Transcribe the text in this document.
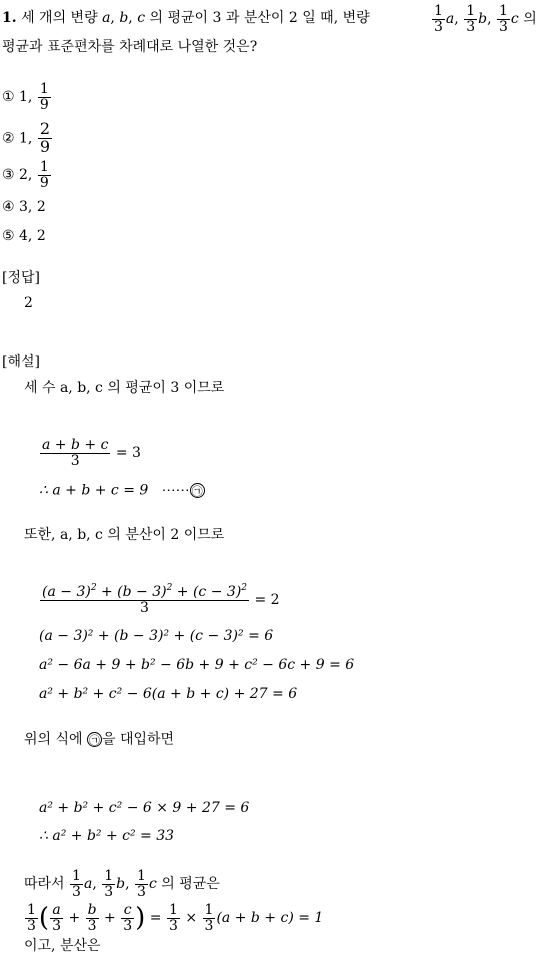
1. 세 개의 변량 a, b, c 의 평균이 3 과 분산이 2 일 때, 변량	$\frac{1}{3} a$, $\frac{1}{3} b$, $\frac{1}{3}$ c 의
평균과 표준편차를 차례대로 나열한 것은?
① 1, $\frac{1}{9}$
② 1, $\frac{2}{9}$
③ 2, $\frac{1}{9}$
④ 3, 2
⑤ 4, 2
[정답]
2
[해설]
세 수 a, b, c 의 평균이 3 이므로
$\frac{a + b + c}{3} = 3$
∴ a + b + c = 9 ⋯⋯ ㉠
또한, a, b, c 의 분산이 2 이므로
$\frac{(a - 3)^2 + (b - 3)^2 + (c - 3)^2}{3} = 2$
(a − 3)² + (b − 3)² + (c − 3)² = 6
a² − 6a + 9 + b² − 6b + 9 + c² − 6c + 9 = 6
a² + b² + c² − 6(a + b + c) + 27 = 6
위의 식에 ㉠ 을 대입하면
a² + b² + c² − 6 × 9 + 27 = 6
∴ a² + b² + c² = 33
따라서 $\frac{1}{3} a$, $\frac{1}{3} b$, $\frac{1}{3}$ c 의 평균은
$\frac{1}{3}$ ( $\frac{a}{3} + \frac{b}{3} + \frac{c}{3}$ ) = $\frac{1}{3} \times \frac{1}{3} (a + b + c) = 1$
이고, 분산은
